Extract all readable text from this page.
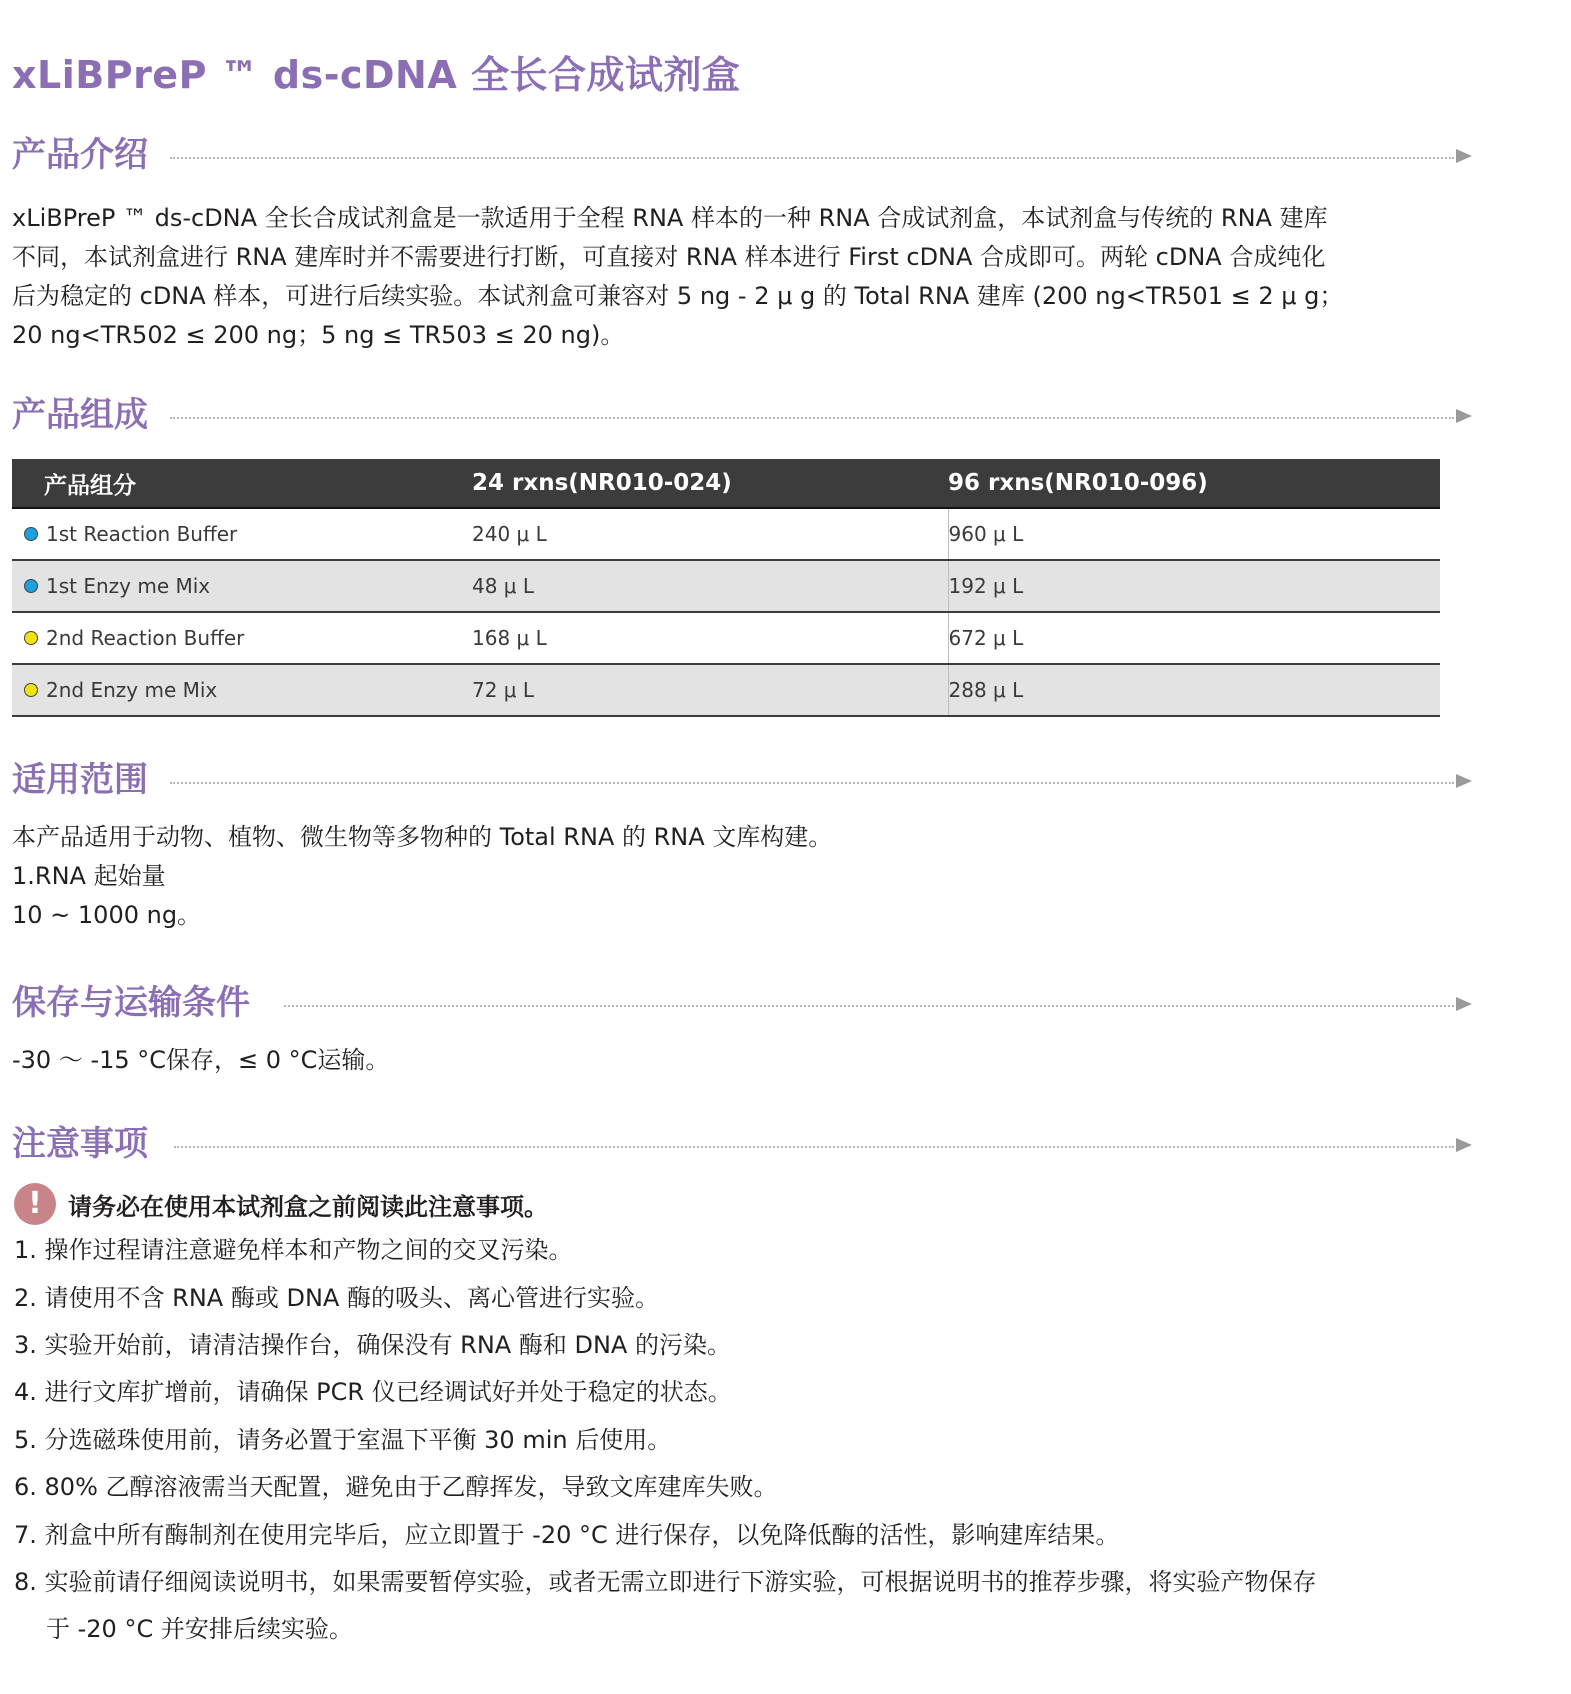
xLiBPreP ™ ds-cDNA 全长合成试剂盒
产品介绍
xLiBPreP ™ ds-cDNA 全长合成试剂盒是一款适用于全程 RNA 样本的一种 RNA 合成试剂盒，本试剂盒与传统的 RNA 建库
不同，本试剂盒进行 RNA 建库时并不需要进行打断，可直接对 RNA 样本进行 First cDNA 合成即可。两轮 cDNA 合成纯化
后为稳定的 cDNA 样本，可进行后续实验。本试剂盒可兼容对 5 ng - 2 μ g 的 Total RNA 建库 (200 ng<TR501 ≤ 2 μ g；
20 ng<TR502 ≤ 200 ng；5 ng ≤ TR503 ≤ 20 ng)。
产品组成
产品组分	24 rxns(NR010-024)	96 rxns(NR010-096)
1st Reaction Buffer	240 μ L	960 μ L
1st Enzy me Mix	48 μ L	192 μ L
2nd Reaction Buffer	168 μ L	672 μ L
2nd Enzy me Mix	72 μ L	288 μ L
适用范围
本产品适用于动物、植物、微生物等多物种的 Total RNA 的 RNA 文库构建。
1.RNA 起始量
10 ~ 1000 ng。
保存与运输条件

-30 ～ -15 °C保存，≤ 0 °C运输。

注意事项
!	请务必在使用本试剂盒之前阅读此注意事项。

1. 操作过程请注意避免样本和产物之间的交叉污染。

2. 请使用不含 RNA 酶或 DNA 酶的吸头、离心管进行实验。

3. 实验开始前，请清洁操作台，确保没有 RNA 酶和 DNA 的污染。

4. 进行文库扩增前，请确保 PCR 仪已经调试好并处于稳定的状态。

5. 分选磁珠使用前，请务必置于室温下平衡 30 min 后使用。

6. 80% 乙醇溶液需当天配置，避免由于乙醇挥发，导致文库建库失败。

7. 剂盒中所有酶制剂在使用完毕后，应立即置于 -20 °C 进行保存，以免降低酶的活性，影响建库结果。

8. 实验前请仔细阅读说明书，如果需要暂停实验，或者无需立即进行下游实验，可根据说明书的推荐步骤，将实验产物保存

于 -20 °C 并安排后续实验。
